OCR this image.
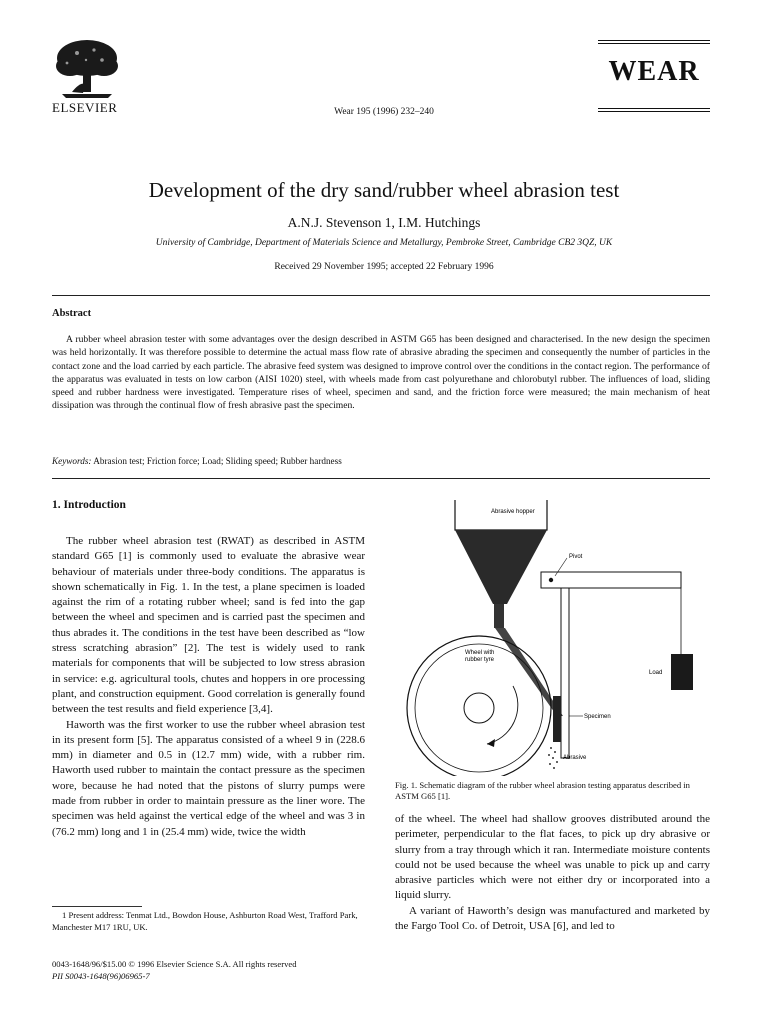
ELSEVIER	Wear 195 (1996) 232–240
WEAR
Development of the dry sand/rubber wheel abrasion test
A.N.J. Stevenson 1, I.M. Hutchings
University of Cambridge, Department of Materials Science and Metallurgy, Pembroke Street, Cambridge CB2 3QZ, UK
Received 29 November 1995; accepted 22 February 1996
Abstract

A rubber wheel abrasion tester with some advantages over the design described in ASTM G65 has been designed and characterised. In the new design the specimen was held horizontally. It was therefore possible to determine the actual mass flow rate of abrasive abrading the specimen and consequently the number of particles in the contact zone and the load carried by each particle. The abrasive feed system was designed to improve control over the conditions in the contact region. The performance of the apparatus was evaluated in tests on low carbon (AISI 1020) steel, with wheels made from cast polyurethane and chlorobutyl rubber. The influences of load, sliding speed and rubber hardness were investigated. Temperature rises of wheel, specimen and sand, and the friction force were measured; the main mechanism of heat dissipation was through the continual flow of fresh abrasive past the specimen.

Keywords: Abrasion test; Friction force; Load; Sliding speed; Rubber hardness
1. Introduction

The rubber wheel abrasion test (RWAT) as described in ASTM standard G65 [1] is commonly used to evaluate the abrasive wear behaviour of materials under three-body conditions. The apparatus is shown schematically in Fig. 1. In the test, a plane specimen is loaded against the rim of a rotating rubber wheel; sand is fed into the gap between the wheel and specimen and is carried past the specimen and thus abrades it. The conditions in the test have been described as “low stress scratching abrasion” [2]. The test is widely used to rank materials for components that will be subjected to low stress abrasion in service: e.g. agricultural tools, chutes and hoppers in ore processing plant, and construction equipment. Good correlation is generally found between the test results and field experience [3,4].

Haworth was the first worker to use the rubber wheel abrasion test in its present form [5]. The apparatus consisted of a wheel 9 in (228.6 mm) in diameter and 0.5 in (12.7 mm) wide, with a rubber rim. Haworth used rubber to maintain the contact pressure as the specimen wore, because he had noted that the pistons of slurry pumps were made from rubber in order to maintain pressure as the liner wore. The specimen was held against the vertical edge of the wheel and was 3 in (76.2 mm) long and 1 in (25.4 mm) wide, twice the width

1 Present address: Tenmat Ltd., Bowdon House, Ashburton Road West, Trafford Park, Manchester M17 1RU, UK.

0043-1648/96/$15.00 © 1996 Elsevier Science S.A. All rights reserved
PII S0043-1648(96)06965-7
Abrasive hopper
Pivot
Load
Wheel with
rubber tyre
Specimen
Abrasive

Fig. 1. Schematic diagram of the rubber wheel abrasion testing apparatus described in ASTM G65 [1].

of the wheel. The wheel had shallow grooves distributed around the perimeter, perpendicular to the flat faces, to pick up dry abrasive or slurry from a tray through which it ran. Intermediate moisture contents could not be used because the wheel was unable to pick up and carry abrasive particles which were not either dry or incorporated into a liquid slurry.

A variant of Haworth’s design was manufactured and marketed by the Fargo Tool Co. of Detroit, USA [6], and led to
